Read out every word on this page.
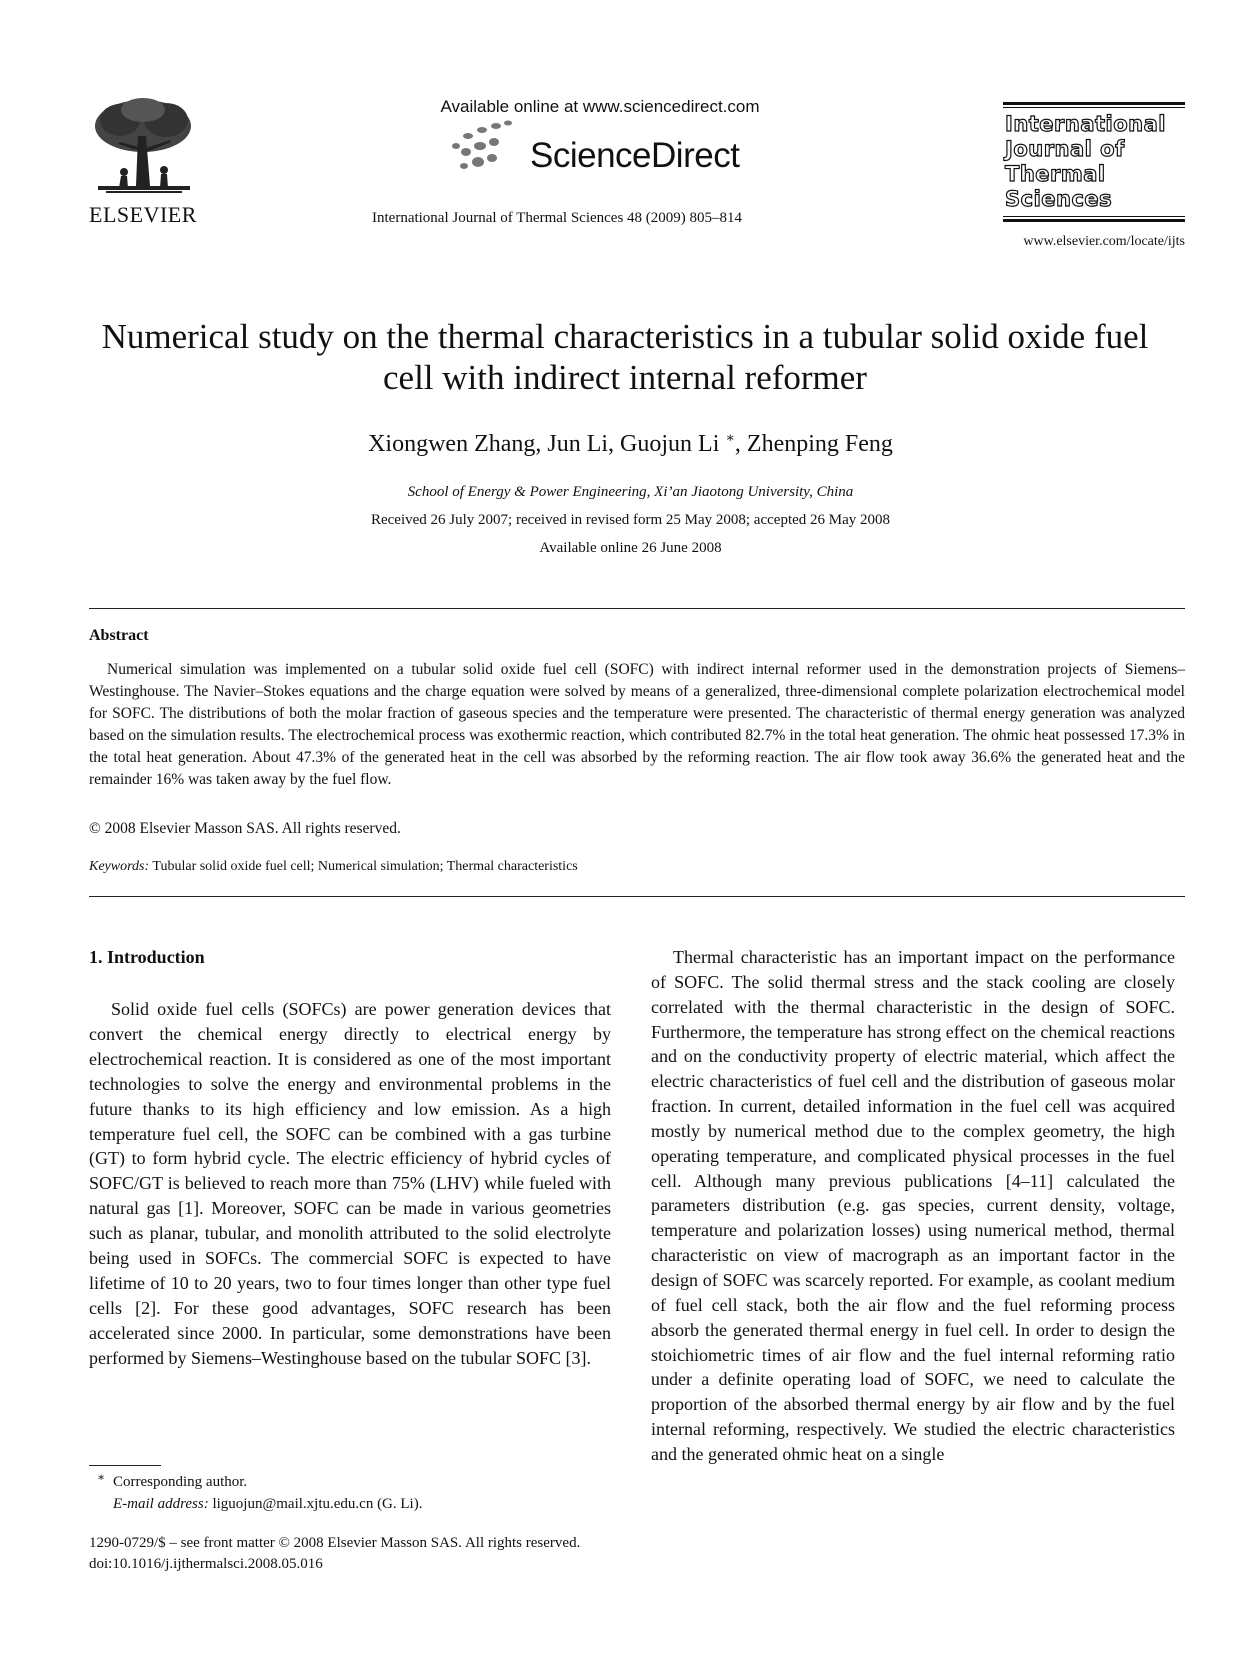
ELSEVIER
Available online at www.sciencedirect.com
ScienceDirect
International Journal of Thermal Sciences 48 (2009) 805–814
International
Journal of
Thermal
Sciences
www.elsevier.com/locate/ijts
Numerical study on the thermal characteristics in a tubular solid oxide fuel cell with indirect internal reformer
Xiongwen Zhang, Jun Li, Guojun Li ∗, Zhenping Feng
School of Energy & Power Engineering, Xi’an Jiaotong University, China
Received 26 July 2007; received in revised form 25 May 2008; accepted 26 May 2008
Available online 26 June 2008
Abstract
Numerical simulation was implemented on a tubular solid oxide fuel cell (SOFC) with indirect internal reformer used in the demonstration projects of Siemens–Westinghouse. The Navier–Stokes equations and the charge equation were solved by means of a generalized, three-dimensional complete polarization electrochemical model for SOFC. The distributions of both the molar fraction of gaseous species and the temperature were presented. The characteristic of thermal energy generation was analyzed based on the simulation results. The electrochemical process was exothermic reaction, which contributed 82.7% in the total heat generation. The ohmic heat possessed 17.3% in the total heat generation. About 47.3% of the generated heat in the cell was absorbed by the reforming reaction. The air flow took away 36.6% the generated heat and the remainder 16% was taken away by the fuel flow.
© 2008 Elsevier Masson SAS. All rights reserved.
Keywords: Tubular solid oxide fuel cell; Numerical simulation; Thermal characteristics
1. Introduction
Solid oxide fuel cells (SOFCs) are power generation devices that convert the chemical energy directly to electrical energy by electrochemical reaction. It is considered as one of the most important technologies to solve the energy and environmental problems in the future thanks to its high efficiency and low emission. As a high temperature fuel cell, the SOFC can be combined with a gas turbine (GT) to form hybrid cycle. The electric efficiency of hybrid cycles of SOFC/GT is believed to reach more than 75% (LHV) while fueled with natural gas [1]. Moreover, SOFC can be made in various geometries such as planar, tubular, and monolith attributed to the solid electrolyte being used in SOFCs. The commercial SOFC is expected to have lifetime of 10 to 20 years, two to four times longer than other type fuel cells [2]. For these good advantages, SOFC research has been accelerated since 2000. In particular, some demonstrations have been performed by Siemens–Westinghouse based on the tubular SOFC [3].
Thermal characteristic has an important impact on the performance of SOFC. The solid thermal stress and the stack cooling are closely correlated with the thermal characteristic in the design of SOFC. Furthermore, the temperature has strong effect on the chemical reactions and on the conductivity property of electric material, which affect the electric characteristics of fuel cell and the distribution of gaseous molar fraction. In current, detailed information in the fuel cell was acquired mostly by numerical method due to the complex geometry, the high operating temperature, and complicated physical processes in the fuel cell. Although many previous publications [4–11] calculated the parameters distribution (e.g. gas species, current density, voltage, temperature and polarization losses) using numerical method, thermal characteristic on view of macrograph as an important factor in the design of SOFC was scarcely reported. For example, as coolant medium of fuel cell stack, both the air flow and the fuel reforming process absorb the generated thermal energy in fuel cell. In order to design the stoichiometric times of air flow and the fuel internal reforming ratio under a definite operating load of SOFC, we need to calculate the proportion of the absorbed thermal energy by air flow and by the fuel internal reforming, respectively. We studied the electric characteristics and the generated ohmic heat on a single
∗ Corresponding author.
E-mail address: liguojun@mail.xjtu.edu.cn (G. Li).
1290-0729/$ – see front matter © 2008 Elsevier Masson SAS. All rights reserved.
doi:10.1016/j.ijthermalsci.2008.05.016
